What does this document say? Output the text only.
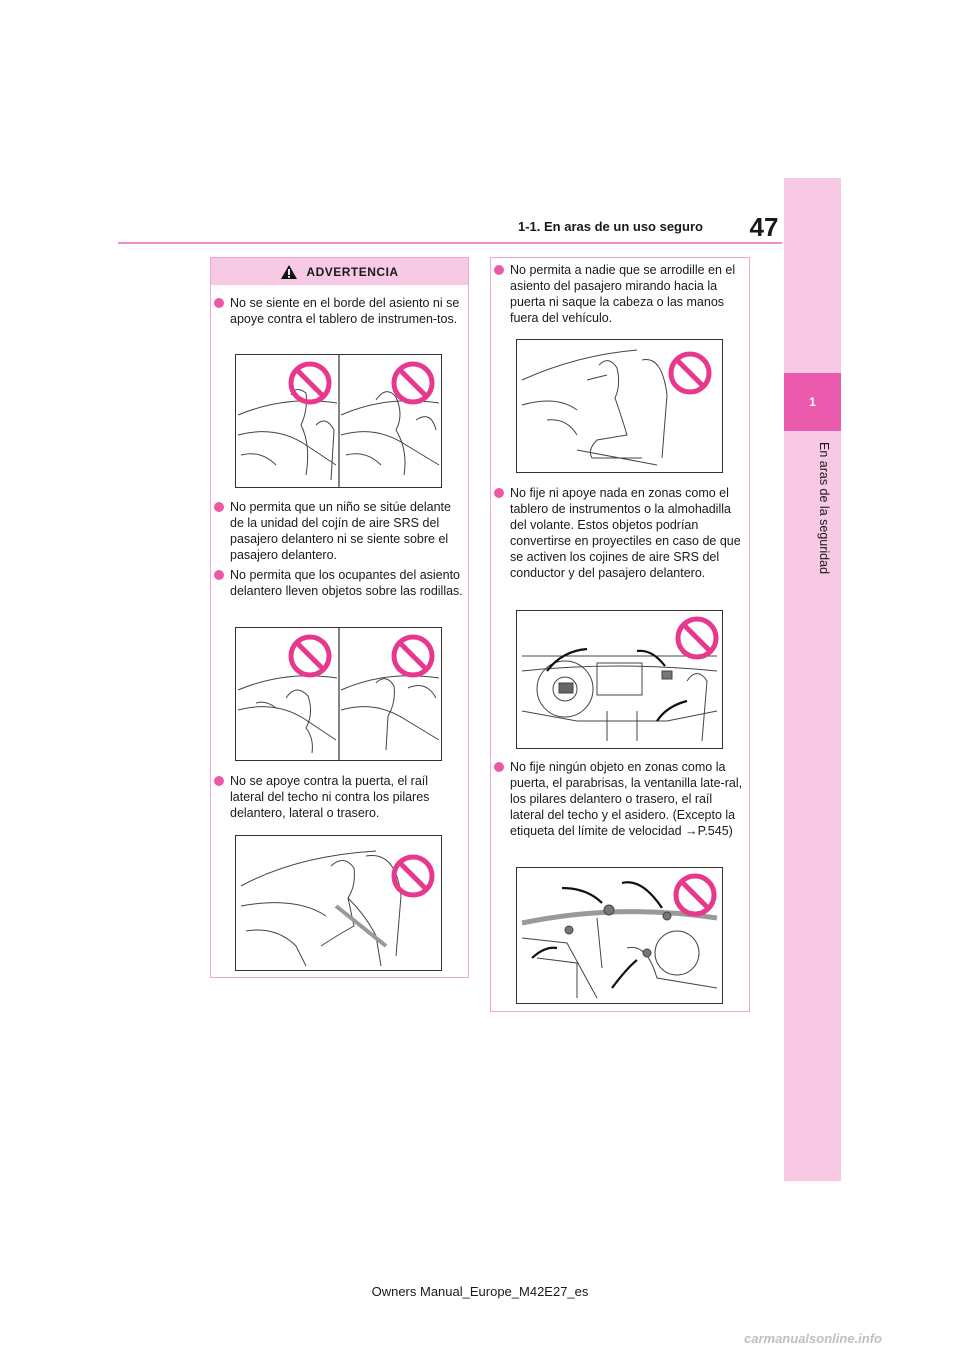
1-1. En aras de un uso seguro 47
1
En aras de la seguridad
ADVERTENCIA
No se siente en el borde del asiento ni se apoye contra el tablero de instrumen-tos.
No permita que un niño se sitúe delante de la unidad del cojín de aire SRS del pasajero delantero ni se siente sobre el pasajero delantero.
No permita que los ocupantes del asiento delantero lleven objetos sobre las rodillas.
No se apoye contra la puerta, el raíl lateral del techo ni contra los pilares delantero, lateral o trasero.
No permita a nadie que se arrodille en el asiento del pasajero mirando hacia la puerta ni saque la cabeza o las manos fuera del vehículo.
No fije ni apoye nada en zonas como el tablero de instrumentos o la almohadilla del volante. Estos objetos podrían convertirse en proyectiles en caso de que se activen los cojines de aire SRS del conductor y del pasajero delantero.
No fije ningún objeto en zonas como la puerta, el parabrisas, la ventanilla late-ral, los pilares delantero o trasero, el raíl lateral del techo y el asidero. (Excepto la etiqueta del límite de velocidad →P.545)
Owners Manual_Europe_M42E27_es
carmanualsonline.info
